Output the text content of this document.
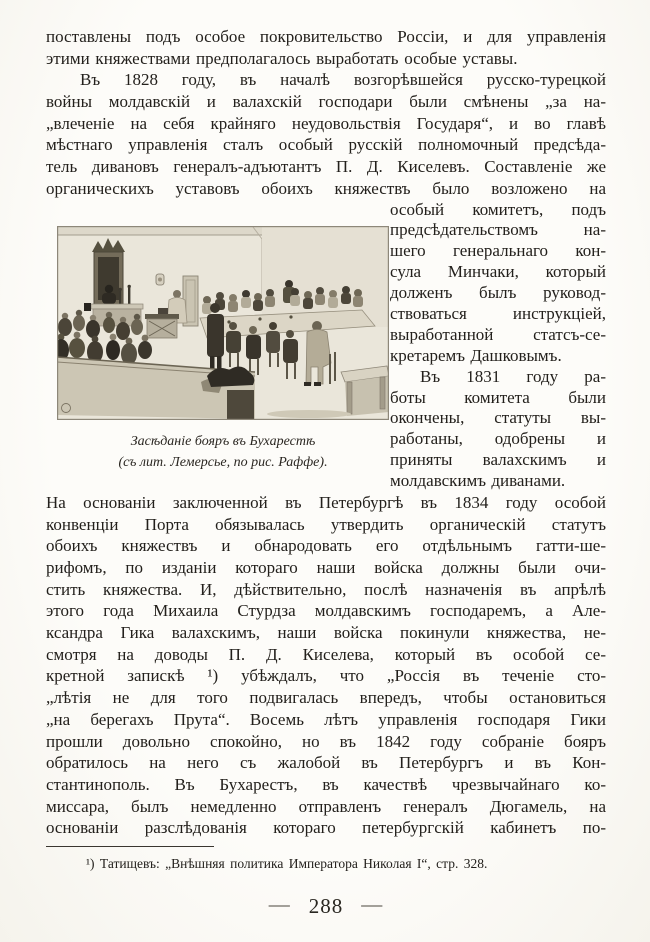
поставлены подъ особое покровительство Россіи, и для управленія
этими княжествами предполагалось выработать особые уставы.
Въ 1828 году, въ началѣ возгорѣвшейся русско-турецкой
войны молдавскій и валахскій господари были смѣнены „за на-
„влеченіе на себя крайняго неудовольствія Государя“, и во главѣ
мѣстнаго управленія сталъ особый русскій полномочный предсѣда-
тель дивановъ генералъ-адъютантъ П. Д. Киселевъ. Составленіе же
органическихъ уставовъ обоихъ княжествъ было возложено на
Засѣданіе бояръ въ Бухарестѣ
(съ лит. Лемерсье, по рис. Раффе).
особый комитетъ, подъ
предсѣдательствомъ на-
шего генеральнаго кон-
сула Минчаки, который
долженъ былъ руковод-
ствоваться инструкціей,
выработанной статсъ-се-
кретаремъ Дашковымъ.
Въ 1831 году ра-
боты комитета были
окончены, статуты вы-
работаны, одобрены и
приняты валахскимъ и
молдавскимъ диванами.
На основаніи заключенной въ Петербургѣ въ 1834 году особой
конвенціи Порта обязывалась утвердить органическій статутъ
обоихъ княжествъ и обнародовать его отдѣльнымъ гатти-ше-
рифомъ, по изданіи котораго наши войска должны были очи-
стить княжества. И, дѣйствительно, послѣ назначенія въ апрѣлѣ
этого года Михаила Стурдза молдавскимъ господаремъ, а Але-
ксандра Гика валахскимъ, наши войска покинули княжества, не-
смотря на доводы П. Д. Киселева, который въ особой се-
кретной запискѣ ¹) убѣждалъ, что „Россія въ теченіе сто-
„лѣтія не для того подвигалась впередъ, чтобы остановиться
„на берегахъ Прута“. Восемь лѣтъ управленія господаря Гики
прошли довольно спокойно, но въ 1842 году собраніе бояръ
обратилось на него съ жалобой въ Петербургъ и въ Кон-
стантинополь. Въ Бухарестъ, въ качествѣ чрезвычайнаго ко-
миссара, былъ немедленно отправленъ генералъ Дюгамель, на
основаніи разслѣдованія котораго петербургскій кабинетъ по-
¹) Татищевъ: „Внѣшняя политика Императора Николая I“, стр. 328.
— 288 —
